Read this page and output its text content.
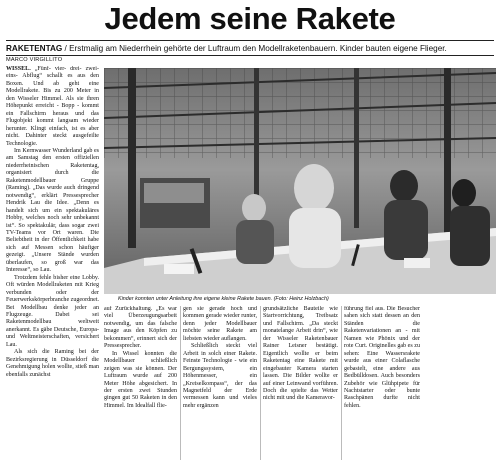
Jedem seine Rakete
RAKETENTAG / Erstmalig am Niederrhein gehörte der Luftraum den Modellraketenbauern. Kinder bauten eigene Flieger.
MARCO VIRGILLITO

WISSEL. „Fünf- vier- drei- zwei- eins- Abflug“ schallt es aus den Boxen. Und ab geht eine Modellrakete. Bis zu 200 Meter in den Wisseler Himmel. Als sie ihren Höhepunkt erreicht - Bopp - kommt ein Fallschirm heraus und das Flugobjekt kommt langsam wieder herunter. Klingt einfach, ist es aber nicht. Dahinter steckt ausgefeilte Technologie.

Im Kernwasser Wunderland gab es am Samstag den ersten offiziellen niederrheinischen Raketentag, organisiert durch die Raketenmodellbauer Gruppe (Raming). „Das wurde auch dringend notwendig“, erklärt Pressesprecher Hendrik Lau die Idee. „Denn es handelt sich um ein spektakuläres Hobby, welches noch sehr unbekannt ist“. So spektakulär, dass sogar zwei TV-Teams vor Ort waren. Die Beliebtheit in der Öffentlichkeit habe sich auf Messen schon häufiger gezeigt. „Unsere Stände wurden überlaufen, so groß war das Interesse“, so Lau.

Trotzdem fehle bisher eine Lobby. Oft würden Modellraketen mit Krieg verbunden oder der Feuerwerkskörperbranche zugeordnet. Bei Modellbau denke jeder an Flugzeuge. Dabei sei Raketenmodellbau weltweit anerkannt. Es gäbe Deutsche, Europa- und Weltmeisterschaften, versichert Lau.

Als sich die Raming bei der Bezirksregierung in Düsseldorf die Genehmigung holen wollte, stieß man ebenfalls zunächst

Kinder konnten unter Anleitung ihre eigene kleine Rakete bauen. (Foto: Heinz Holzbach)

auf Zurückhaltung. „Es war viel Überzeugungsarbeit notwendig, um das falsche Image aus den Köpfen zu bekommen“, erinnert sich der Pressesprecher.

In Wissel konnten die Modellbauer schließlich zeigen was sie können. Der Luftraum wurde auf 200 Meter Höhe abgesichert. In der ersten zwei Stunden gingen gut 50 Raketen in den Himmel. Im Idealfall flie-

gen sie gerade hoch und kommen gerade wieder runter, denn jeder Modellbauer möchte seine Rakete am liebsten wieder auflangen.

Schließlich steckt viel Arbeit in solch einer Rakete. Feinste Technologie - wie ein Bergungssystem, ein Höhenmesser, ein „Kreiselkompass“, der das Magnetfeld der Erde vermessen kann und vieles mehr ergänzen

grundsätzliche Bauteile wie Startvorrichtung, Treibsatz und Fallschirm. „Da steckt monatelange Arbeit drin“, wie der Wisseler Raketenbauer Rainer Leisner bestätigt. Eigentlich wollte er beim Raketentag eine Rakete mit eingebauter Kamera starten lassen. Die Bilder wollte er auf einer Leinwand vorführen. Doch die spielte das Wetter nicht mit und die Kameravor-

führung fiel aus. Die Besucher sahen sich statt dessen an den Ständen die Raketenvariationen an - mit Namen wie Phönix und der rote Curt. Originelles gab es zu sehen: Eine Wassersrakete wurde aus einer Colaflasche gebastelt, eine andere aus Bedbülldosen. Auch besonders Zubehör wie Glühpipete für Nachtstarter oder bunte Raschpänen durfte nicht fehlen.
